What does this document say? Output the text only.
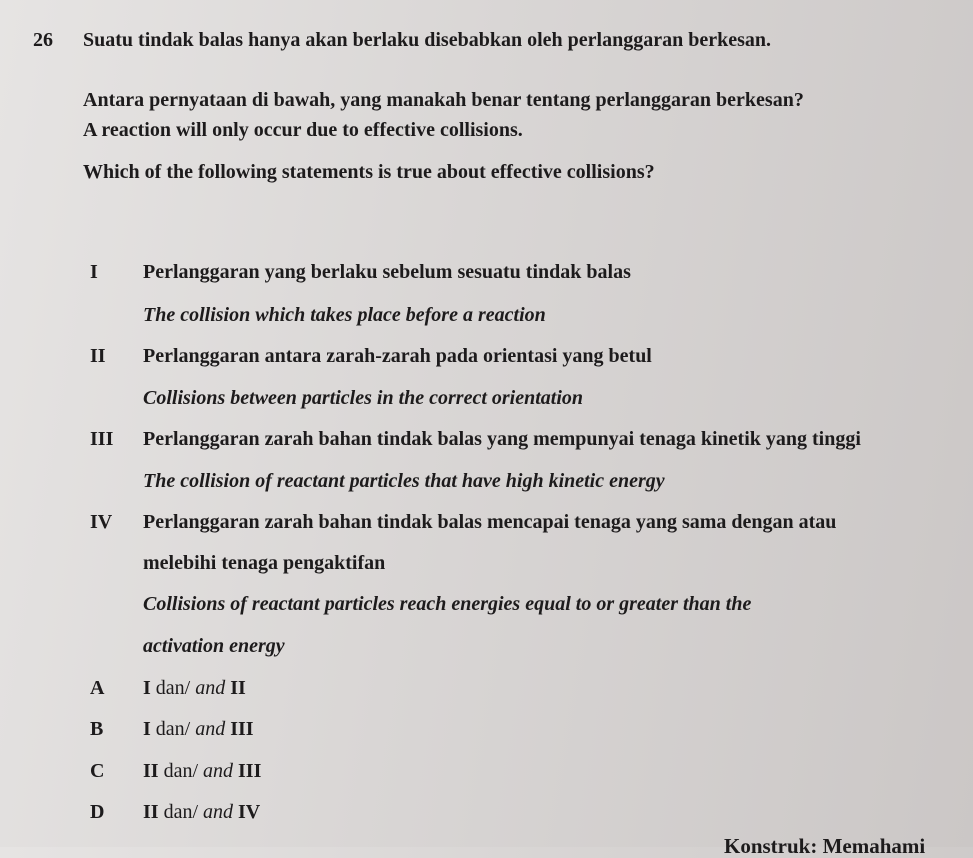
26 Suatu tindak balas hanya akan berlaku disebabkan oleh perlanggaran berkesan.
Antara pernyataan di bawah, yang manakah benar tentang perlanggaran berkesan?
A reaction will only occur due to effective collisions.
Which of the following statements is true about effective collisions?
I Perlanggaran yang berlaku sebelum sesuatu tindak balas
The collision which takes place before a reaction
II Perlanggaran antara zarah-zarah pada orientasi yang betul
Collisions between particles in the correct orientation
III Perlanggaran zarah bahan tindak balas yang mempunyai tenaga kinetik yang tinggi
The collision of reactant particles that have high kinetic energy
IV Perlanggaran zarah bahan tindak balas mencapai tenaga yang sama dengan atau
melebihi tenaga pengaktifan
Collisions of reactant particles reach energies equal to or greater than the
activation energy
A I dan/ and II
B I dan/ and III
C II dan/ and III
D II dan/ and IV
Konstruk: Memahami
